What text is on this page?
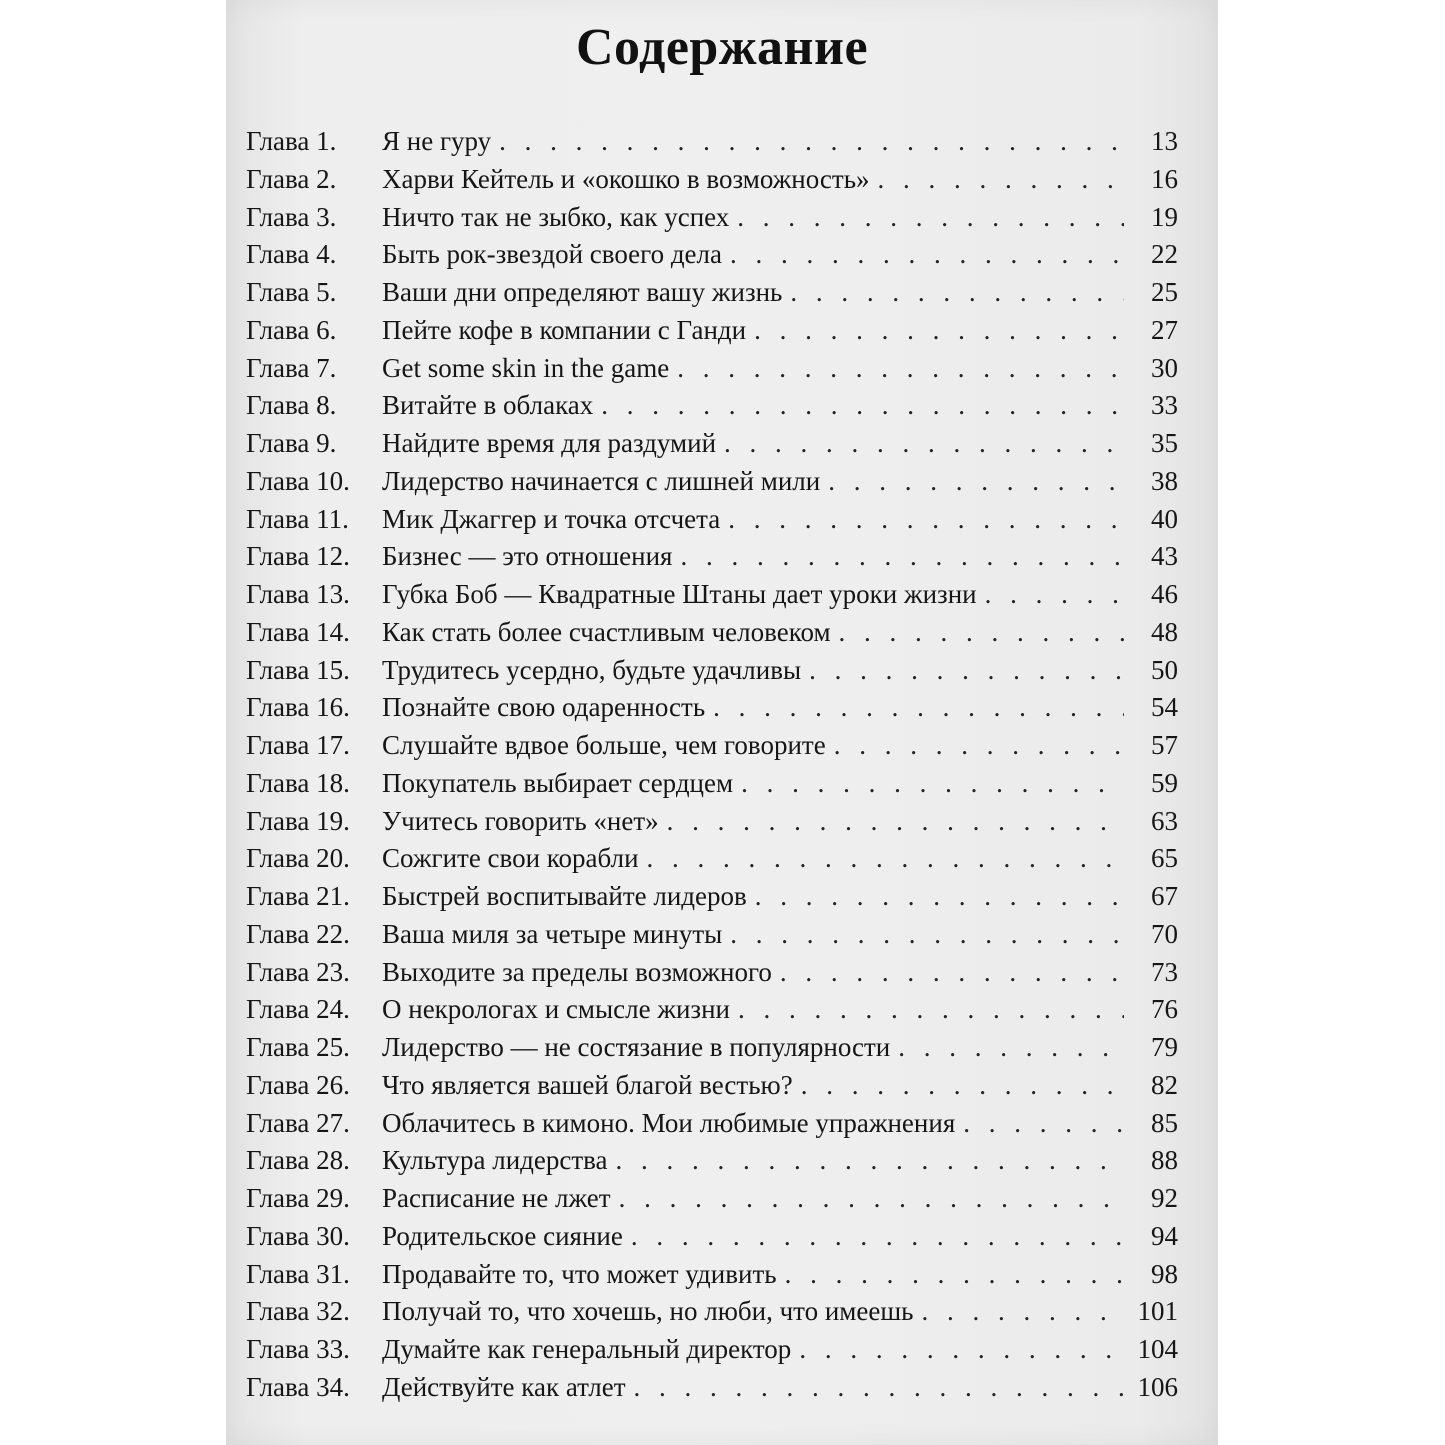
Содержание
Глава 1.	Я не гуру . . .	13
Глава 2.	Харви Кейтель и «окошко в возможность» . . .	16
Глава 3.	Ничто так не зыбко, как успех . . .	19
Глава 4.	Быть рок-звездой своего дела . . .	22
Глава 5.	Ваши дни определяют вашу жизнь . . .	25
Глава 6.	Пейте кофе в компании с Ганди . . .	27
Глава 7.	Get some skin in the game . . .	30
Глава 8.	Витайте в облаках . . .	33
Глава 9.	Найдите время для раздумий . . .	35
Глава 10.	Лидерство начинается с лишней мили . . .	38
Глава 11.	Мик Джаггер и точка отсчета . . .	40
Глава 12.	Бизнес — это отношения . . .	43
Глава 13.	Губка Боб — Квадратные Штаны дает уроки жизни . . .	46
Глава 14.	Как стать более счастливым человеком . . .	48
Глава 15.	Трудитесь усердно, будьте удачливы . . .	50
Глава 16.	Познайте свою одаренность . . .	54
Глава 17.	Слушайте вдвое больше, чем говорите . . .	57
Глава 18.	Покупатель выбирает сердцем . . .	59
Глава 19.	Учитесь говорить «нет» . . .	63
Глава 20.	Сожгите свои корабли . . .	65
Глава 21.	Быстрей воспитывайте лидеров . . .	67
Глава 22.	Ваша миля за четыре минуты . . .	70
Глава 23.	Выходите за пределы возможного . . .	73
Глава 24.	О некрологах и смысле жизни . . .	76
Глава 25.	Лидерство — не состязание в популярности . . .	79
Глава 26.	Что является вашей благой вестью? . . .	82
Глава 27.	Облачитесь в кимоно. Мои любимые упражнения . . .	85
Глава 28.	Культура лидерства . . .	88
Глава 29.	Расписание не лжет . . .	92
Глава 30.	Родительское сияние . . .	94
Глава 31.	Продавайте то, что может удивить . . .	98
Глава 32.	Получай то, что хочешь, но люби, что имеешь . . .	101
Глава 33.	Думайте как генеральный директор . . .	104
Глава 34.	Действуйте как атлет . . .	106
